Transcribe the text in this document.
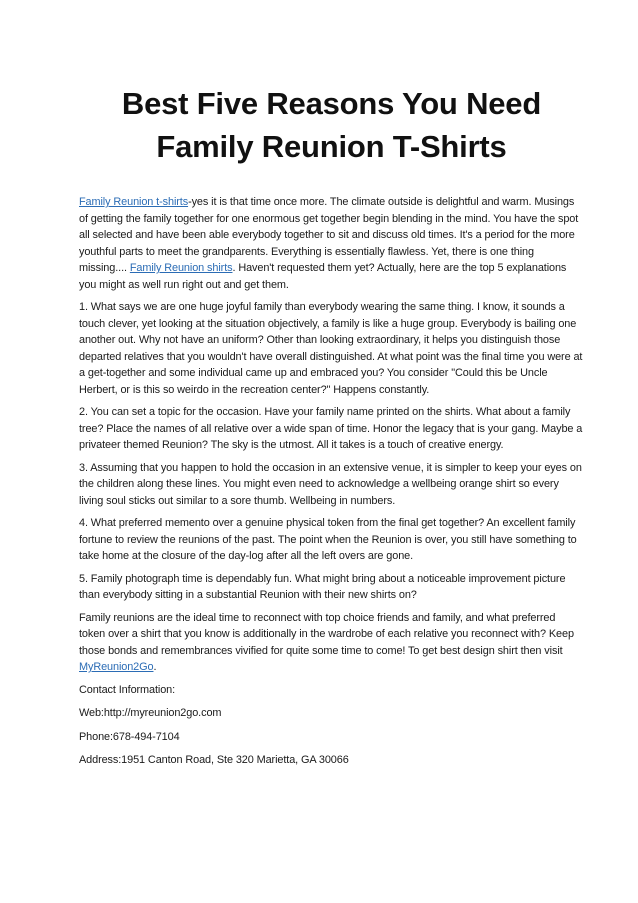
Best Five Reasons You Need
Family Reunion T-Shirts

Family Reunion t-shirts-yes it is that time once more. The climate outside is delightful and warm. Musings of getting the family together for one enormous get together begin blending in the mind. You have the spot all selected and have been able everybody together to sit and discuss old times. It's a period for the more youthful parts to meet the grandparents. Everything is essentially flawless. Yet, there is one thing missing.... Family Reunion shirts. Haven't requested them yet? Actually, here are the top 5 explanations you might as well run right out and get them.

1. What says we are one huge joyful family than everybody wearing the same thing. I know, it sounds a touch clever, yet looking at the situation objectively, a family is like a huge group. Everybody is bailing one another out. Why not have an uniform? Other than looking extraordinary, it helps you distinguish those departed relatives that you wouldn't have overall distinguished. At what point was the final time you were at a get-together and some individual came up and embraced you? You consider "Could this be Uncle Herbert, or is this so weirdo in the recreation center?" Happens constantly.

2. You can set a topic for the occasion. Have your family name printed on the shirts. What about a family tree? Place the names of all relative over a wide span of time. Honor the legacy that is your gang. Maybe a privateer themed Reunion? The sky is the utmost. All it takes is a touch of creative energy.

3. Assuming that you happen to hold the occasion in an extensive venue, it is simpler to keep your eyes on the children along these lines. You might even need to acknowledge a wellbeing orange shirt so every living soul sticks out similar to a sore thumb. Wellbeing in numbers.

4. What preferred memento over a genuine physical token from the final get together? An excellent family fortune to review the reunions of the past. The point when the Reunion is over, you still have something to take home at the closure of the day-log after all the left overs are gone.

5. Family photograph time is dependably fun. What might bring about a noticeable improvement picture than everybody sitting in a substantial Reunion with their new shirts on?

Family reunions are the ideal time to reconnect with top choice friends and family, and what preferred token over a shirt that you know is additionally in the wardrobe of each relative you reconnect with? Keep those bonds and remembrances vivified for quite some time to come! To get best design shirt then visit MyReunion2Go.

Contact Information:

Web:http://myreunion2go.com

Phone:678-494-7104

Address:1951 Canton Road, Ste 320 Marietta, GA 30066
